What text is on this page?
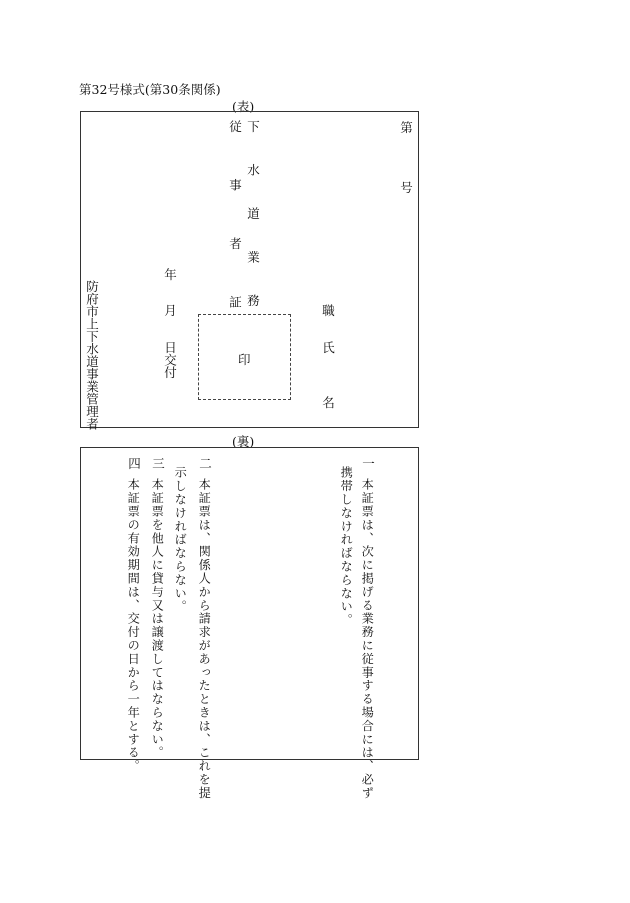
第32号様式(第30条関係)
(表)
第
号
下水道業務
従事者証	職
氏
名
印
年
月
日交付
防府市上下水道事業管理者
(裏)
一
本証票は、次に掲げる業務に従事する場合には、必ず
携帯しなければならない。
二
本証票は、関係人から請求があったときは、これを提
示しなければならない。
三
本証票を他人に貸与又は譲渡してはならない。
四
本証票の有効期間は、交付の日から一年とする。
